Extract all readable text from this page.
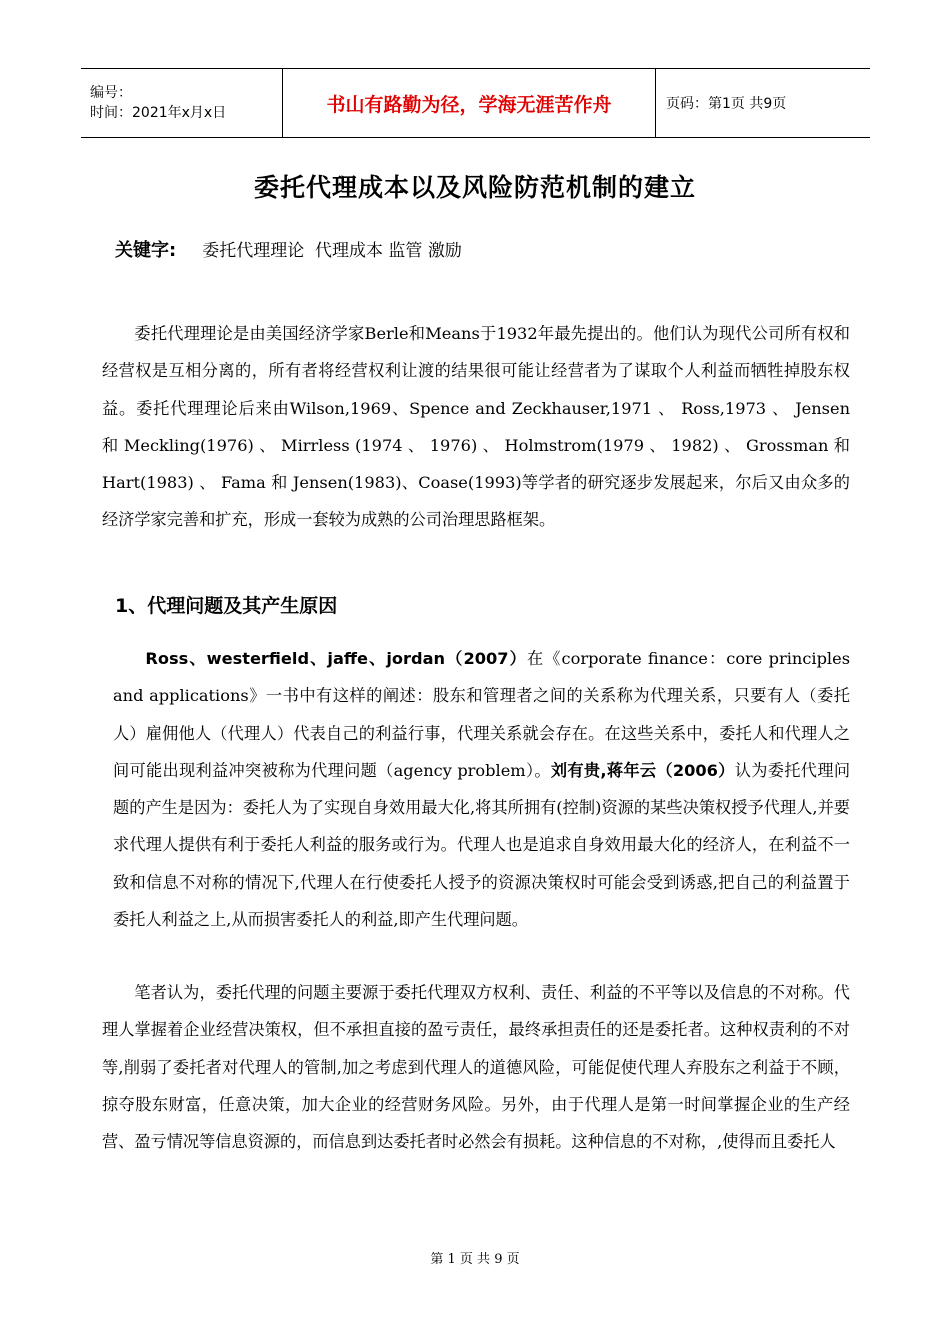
编号：
时间：2021年x月x日	书山有路勤为径，学海无涯苦作舟	页码：第1页 共9页
委托代理成本以及风险防范机制的建立
关键字: 委托代理理论  代理成本 监管 激励

委托代理理论是由美国经济学家Berle和Means于1932年最先提出的。他们认为现代公司所有权和经营权是互相分离的，所有者将经营权利让渡的结果很可能让经营者为了谋取个人利益而牺牲掉股东权益。委托代理理论后来由Wilson,1969、Spence and Zeckhauser,1971 、 Ross,1973 、 Jensen 和 Meckling(1976) 、 Mirrless (1974 、 1976) 、 Holmstrom(1979 、 1982) 、 Grossman 和 Hart(1983) 、 Fama 和 Jensen(1983)、Coase(1993)等学者的研究逐步发展起来，尔后又由众多的经济学家完善和扩充，形成一套较为成熟的公司治理思路框架。

1、代理问题及其产生原因

Ross、westerfield、jaffe、jordan（2007）在《corporate finance：core principles and applications》一书中有这样的阐述：股东和管理者之间的关系称为代理关系，只要有人（委托人）雇佣他人（代理人）代表自己的利益行事，代理关系就会存在。在这些关系中，委托人和代理人之间可能出现利益冲突被称为代理问题（agency problem）。刘有贵,蒋年云（2006）认为委托代理问题的产生是因为：委托人为了实现自身效用最大化,将其所拥有(控制)资源的某些决策权授予代理人,并要求代理人提供有利于委托人利益的服务或行为。代理人也是追求自身效用最大化的经济人，在利益不一致和信息不对称的情况下,代理人在行使委托人授予的资源决策权时可能会受到诱惑,把自己的利益置于委托人利益之上,从而损害委托人的利益,即产生代理问题。

笔者认为，委托代理的问题主要源于委托代理双方权利、责任、利益的不平等以及信息的不对称。代理人掌握着企业经营决策权，但不承担直接的盈亏责任，最终承担责任的还是委托者。这种权责利的不对等,削弱了委托者对代理人的管制,加之考虑到代理人的道德风险，可能促使代理人弃股东之利益于不顾，掠夺股东财富，任意决策，加大企业的经营财务风险。另外，由于代理人是第一时间掌握企业的生产经营、盈亏情况等信息资源的，而信息到达委托者时必然会有损耗。这种信息的不对称，,使得而且委托人

第 1 页 共 9 页
